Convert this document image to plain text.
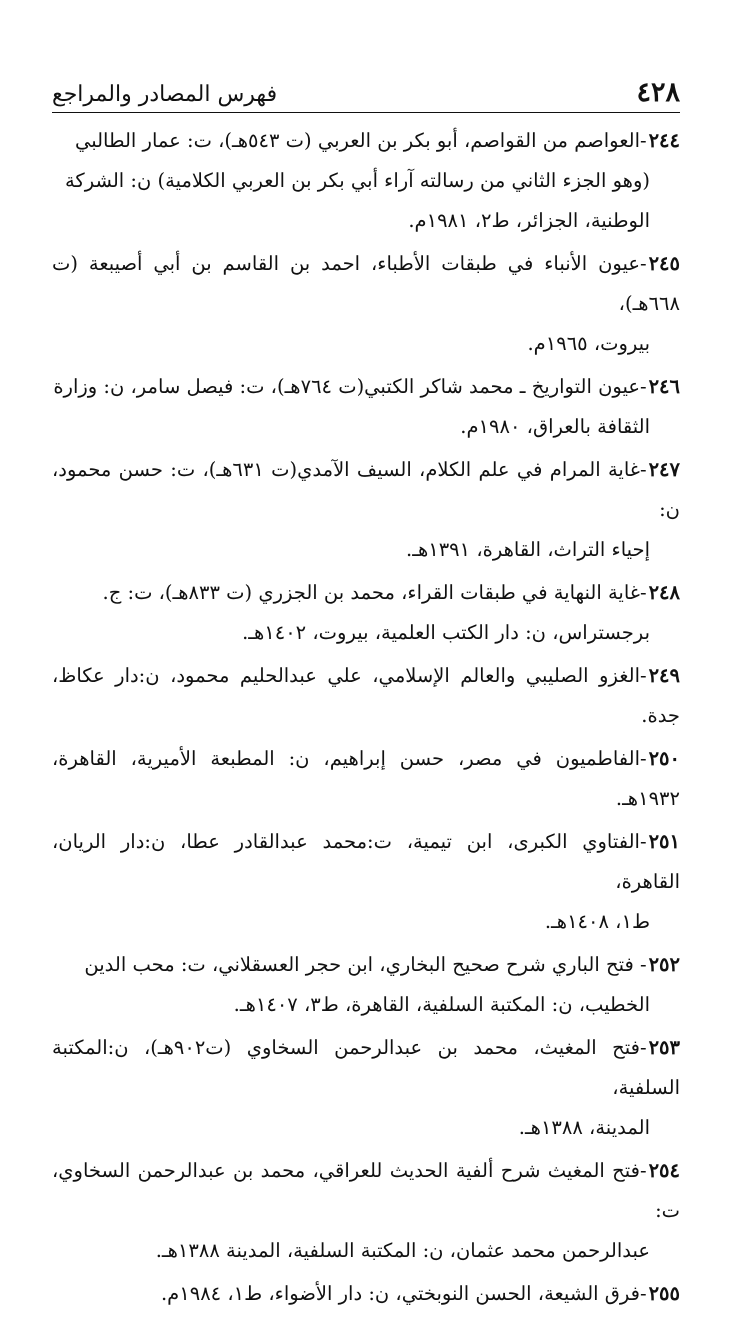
٤٢٨
فهرس المصادر والمراجع
٢٤٤-العواصم من القواصم، أبو بكر بن العربي (ت ٥٤٣هـ)، ت: عمار الطالبي
(وهو الجزء الثاني من رسالته آراء أبي بكر بن العربي الكلامية) ن: الشركة
الوطنية، الجزائر، ط٢، ١٩٨١م.
٢٤٥-عيون الأنباء في طبقات الأطباء، احمد بن القاسم بن أبي أصيبعة (ت ٦٦٨هـ)،
بيروت، ١٩٦٥م.
٢٤٦-عيون التواريخ ـ محمد شاكر الكتبي(ت ٧٦٤هـ)، ت: فيصل سامر، ن: وزارة
الثقافة بالعراق، ١٩٨٠م.
٢٤٧-غاية المرام في علم الكلام، السيف الآمدي(ت ٦٣١هـ)، ت: حسن محمود، ن:
إحياء التراث، القاهرة، ١٣٩١هـ.
٢٤٨-غاية النهاية في طبقات القراء، محمد بن الجزري (ت ٨٣٣هـ)، ت: ج.
برجستراس، ن: دار الكتب العلمية، بيروت، ١٤٠٢هـ.
٢٤٩-الغزو الصليبي والعالم الإسلامي، علي عبدالحليم محمود، ن:دار عكاظ، جدة.
٢٥٠-الفاطميون في مصر، حسن إبراهيم، ن: المطبعة الأميرية، القاهرة، ١٩٣٢هـ.
٢٥١-الفتاوي الكبرى، ابن تيمية، ت:محمد عبدالقادر عطا، ن:دار الريان، القاهرة،
ط١، ١٤٠٨هـ.
٢٥٢- فتح الباري شرح صحيح البخاري، ابن حجر العسقلاني، ت: محب الدين
الخطيب، ن: المكتبة السلفية، القاهرة، ط٣، ١٤٠٧هـ.
٢٥٣-فتح المغيث، محمد بن عبدالرحمن السخاوي (ت٩٠٢هـ)، ن:المكتبة السلفية،
المدينة، ١٣٨٨هـ.
٢٥٤-فتح المغيث شرح ألفية الحديث للعراقي، محمد بن عبدالرحمن السخاوي، ت:
عبدالرحمن محمد عثمان، ن: المكتبة السلفية، المدينة ١٣٨٨هـ.
٢٥٥-فرق الشيعة، الحسن النوبختي، ن: دار الأضواء، ط١، ١٩٨٤م.
